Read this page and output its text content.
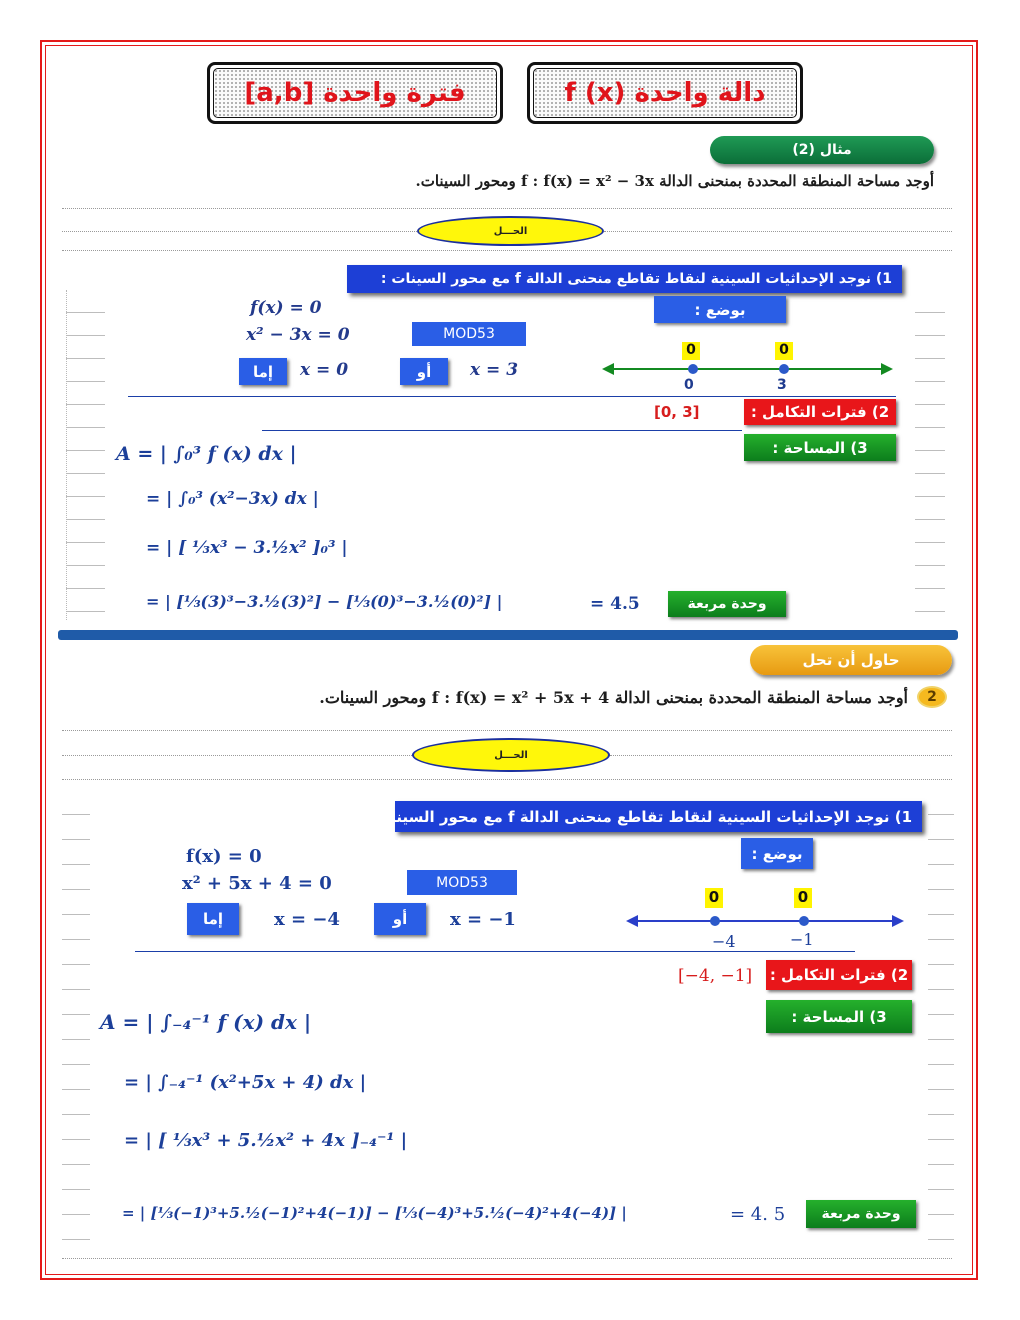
فترة واحدة [a,b]	دالة واحدة f (x)
مثال (2)
أوجد مساحة المنطقة المحددة بمنحنى الدالة f : f(x) = x² − 3x ومحور السينات.
الحـــل
1) نوجد الإحداثيات السينية لنقاط تقاطع منحنى الدالة f مع محور السينات :
f(x) = 0
x² − 3x = 0	MOD53
بوضع :
إما	x = 0	أو	x = 3
0	0
0	3
[0, 3]	2) فترات التكامل :
3) المساحة :
A = | ∫₀³ f (x) dx |
= | ∫₀³ (x²−3x) dx |
= | [ ⅓x³ − 3.½x² ]₀³ |
= | [⅓(3)³−3.½(3)²] − [⅓(0)³−3.½(0)²] |	= 4.5	وحدة مربعة
حاول أن تحل
2
أوجد مساحة المنطقة المحددة بمنحنى الدالة f : f(x) = x² + 5x + 4 ومحور السينات.
الحـــل
1) نوجد الإحداثيات السينية لنقاط تقاطع منحنى الدالة f مع محور السينات:
f(x) = 0
x² + 5x + 4 = 0	MOD53
بوضع :
إما	x = −4	أو	x = −1
0	0
−4	−1
[−4, −1] 2) فترات التكامل :
3) المساحة :
A = | ∫₋₄⁻¹ f (x) dx |
= | ∫₋₄⁻¹ (x²+5x + 4) dx |
= | [ ⅓x³ + 5.½x² + 4x ]₋₄⁻¹ |
= | [⅓(−1)³+5.½(−1)²+4(−1)] − [⅓(−4)³+5.½(−4)²+4(−4)] |	= 4. 5	وحدة مربعة
